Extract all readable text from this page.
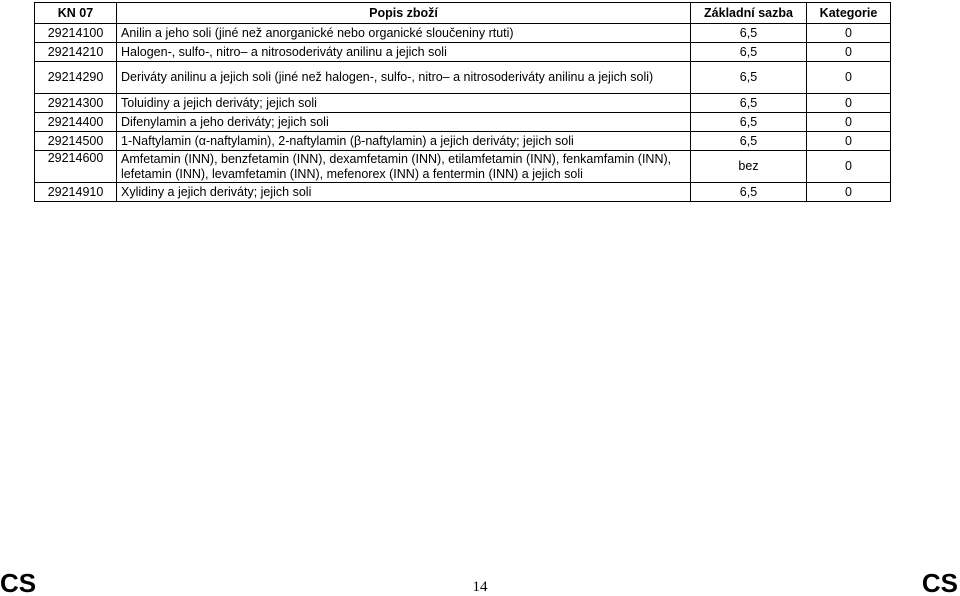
KN 07	Popis zboží	Základní sazba	Kategorie
29214100	Anilin a jeho soli (jiné než anorganické nebo organické sloučeniny rtuti)	6,5	0
29214210	Halogen-, sulfo-, nitro– a nitrosoderiváty anilinu a jejich soli	6,5	0
29214290	Deriváty anilinu a jejich soli (jiné než halogen-, sulfo-, nitro– a nitrosoderiváty anilinu a jejich soli)	6,5	0
29214300	Toluidiny a jejich deriváty; jejich soli	6,5	0
29214400	Difenylamin a jeho deriváty; jejich soli	6,5	0
29214500	1-Naftylamin (α-naftylamin), 2-naftylamin (β-naftylamin) a jejich deriváty; jejich soli	6,5	0
29214600	Amfetamin (INN), benzfetamin (INN), dexamfetamin (INN), etilamfetamin (INN), fenkamfamin (INN), lefetamin (INN), levamfetamin (INN), mefenorex (INN) a fentermin (INN) a jejich soli	bez	0
29214910	Xylidiny a jejich deriváty; jejich soli	6,5	0
CS	14	CS
